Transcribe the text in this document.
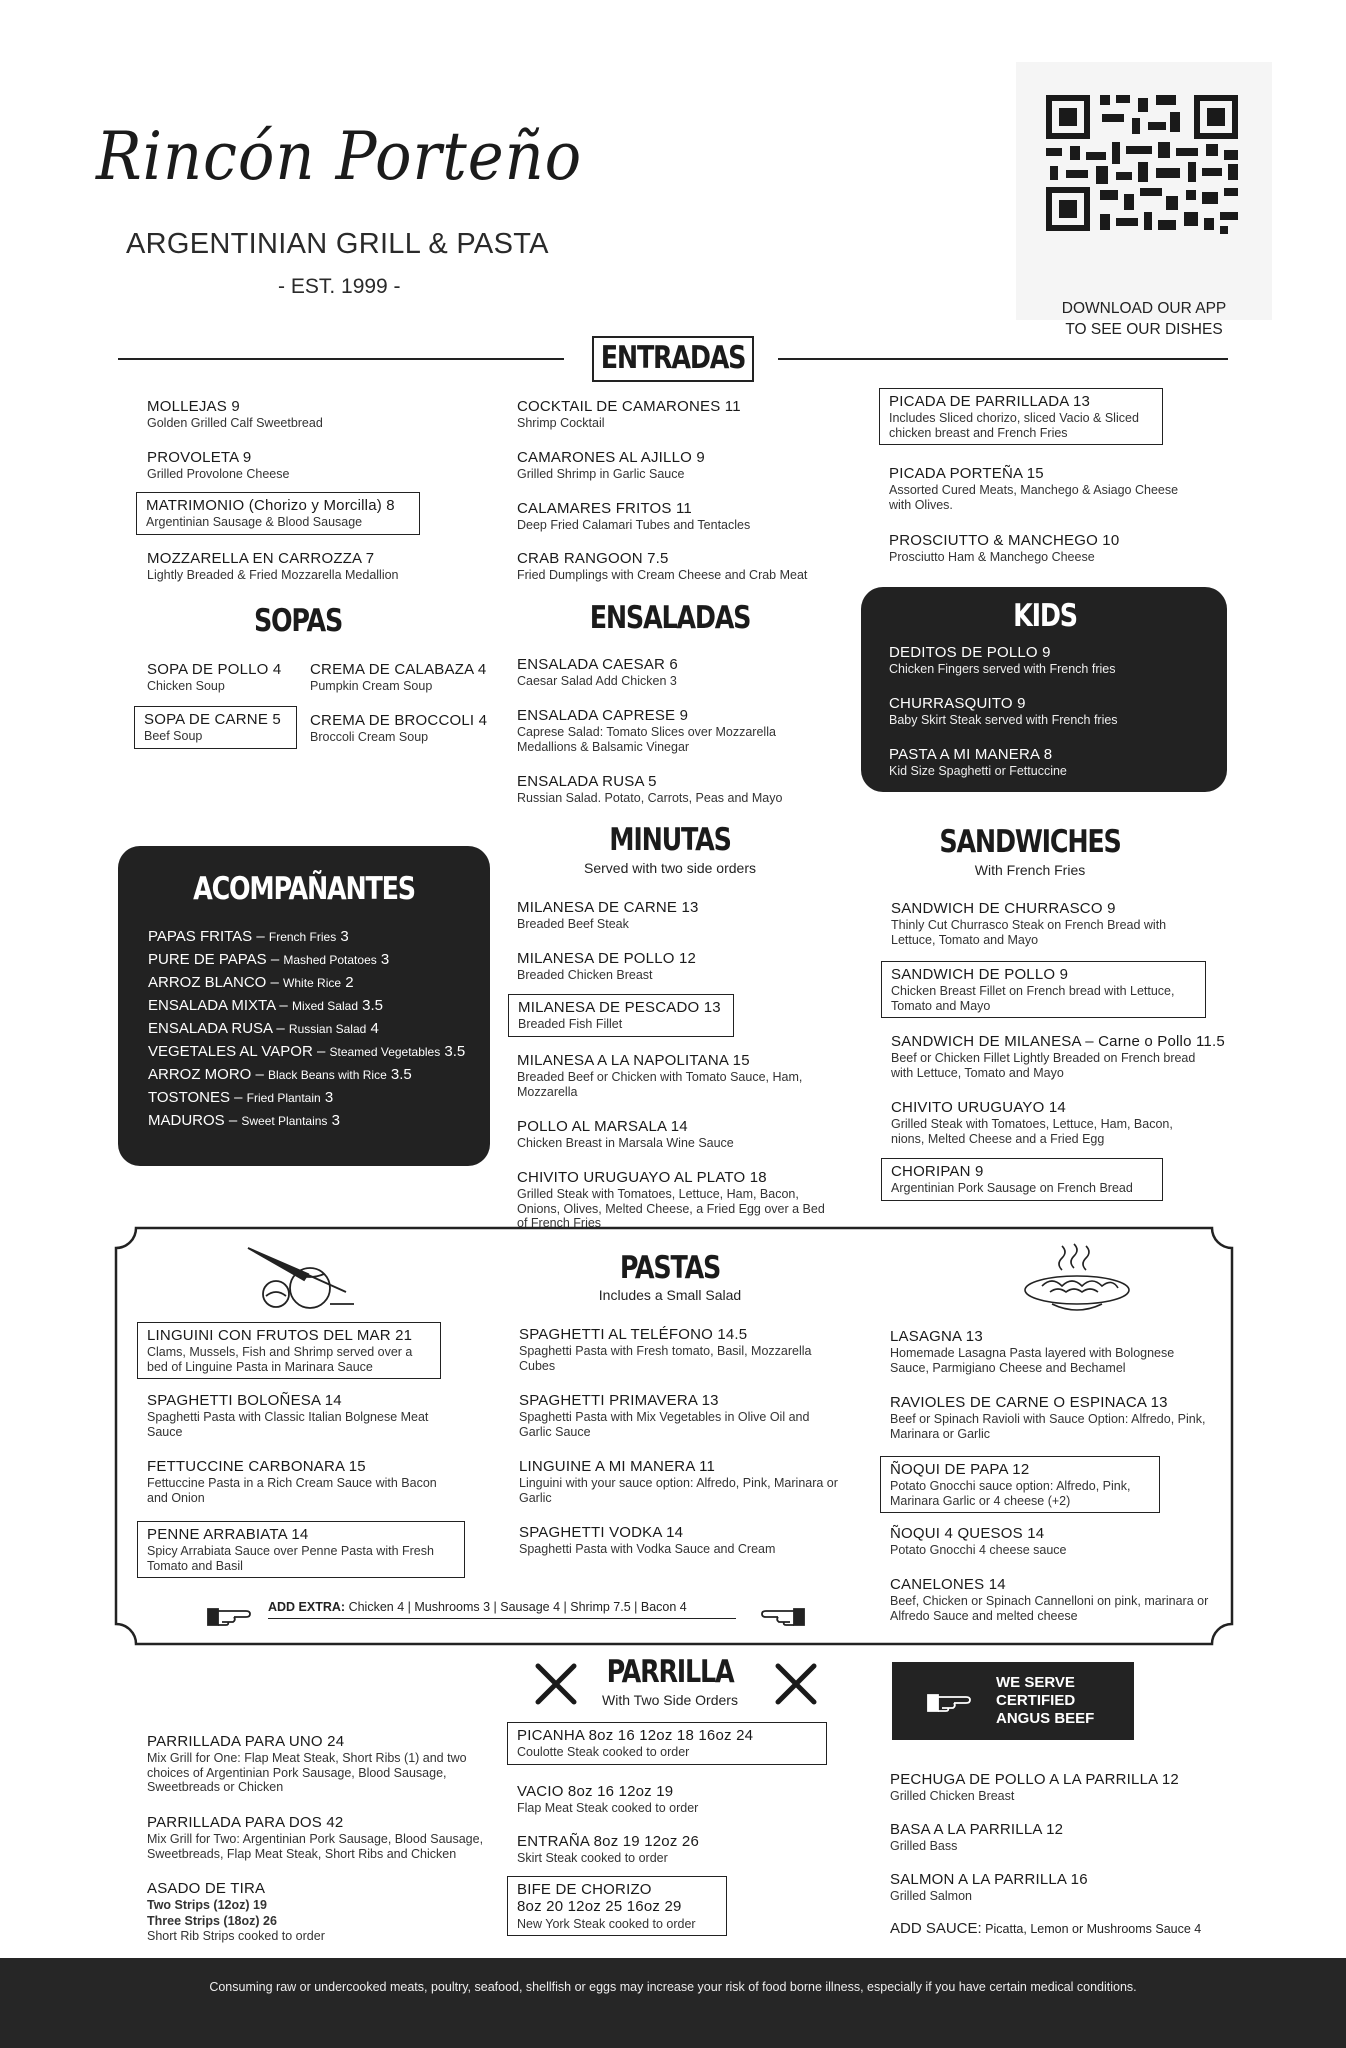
Rincón Porteño
ARGENTINIAN GRILL & PASTA
- EST. 1999 -
DOWNLOAD OUR APP
TO SEE OUR DISHES
ENTRADAS
MOLLEJAS 9
Golden Grilled Calf Sweetbread
PROVOLETA 9
Grilled Provolone Cheese
MATRIMONIO (Chorizo y Morcilla) 8
Argentinian Sausage & Blood Sausage
MOZZARELLA EN CARROZZA 7
Lightly Breaded & Fried Mozzarella Medallion
COCKTAIL DE CAMARONES 11
Shrimp Cocktail
CAMARONES AL AJILLO 9
Grilled Shrimp in Garlic Sauce
CALAMARES FRITOS 11
Deep Fried Calamari Tubes and Tentacles
CRAB RANGOON 7.5
Fried Dumplings with Cream Cheese and Crab Meat
PICADA DE PARRILLADA 13
Includes Sliced chorizo, sliced Vacio & Sliced chicken breast and French Fries
PICADA PORTEÑA 15
Assorted Cured Meats, Manchego & Asiago Cheese with Olives.
PROSCIUTTO & MANCHEGO 10
Prosciutto Ham & Manchego Cheese
SOPAS
SOPA DE POLLO 4
Chicken Soup
CREMA DE CALABAZA 4
Pumpkin Cream Soup
SOPA DE CARNE 5
Beef Soup
CREMA DE BROCCOLI 4
Broccoli Cream Soup
ENSALADAS
ENSALADA CAESAR 6
Caesar Salad Add Chicken 3
ENSALADA CAPRESE 9
Caprese Salad: Tomato Slices over Mozzarella Medallions & Balsamic Vinegar
ENSALADA RUSA 5
Russian Salad. Potato, Carrots, Peas and Mayo
KIDS
DEDITOS DE POLLO 9
Chicken Fingers served with French fries
CHURRASQUITO 9
Baby Skirt Steak served with French fries
PASTA A MI MANERA 8
Kid Size Spaghetti or Fettuccine
ACOMPAÑANTES
PAPAS FRITAS – French Fries 3
PURE DE PAPAS – Mashed Potatoes 3
ARROZ BLANCO – White Rice 2
ENSALADA MIXTA – Mixed Salad 3.5
ENSALADA RUSA – Russian Salad 4
VEGETALES AL VAPOR – Steamed Vegetables 3.5
ARROZ MORO – Black Beans with Rice 3.5
TOSTONES – Fried Plantain 3
MADUROS – Sweet Plantains 3
MINUTAS
Served with two side orders
MILANESA DE CARNE 13
Breaded Beef Steak
MILANESA DE POLLO 12
Breaded Chicken Breast
MILANESA DE PESCADO 13
Breaded Fish Fillet
MILANESA A LA NAPOLITANA 15
Breaded Beef or Chicken with Tomato Sauce, Ham, Mozzarella
POLLO AL MARSALA 14
Chicken Breast in Marsala Wine Sauce
CHIVITO URUGUAYO AL PLATO 18
Grilled Steak with Tomatoes, Lettuce, Ham, Bacon, Onions, Olives, Melted Cheese, a Fried Egg over a Bed of French Fries
SANDWICHES
With French Fries
SANDWICH DE CHURRASCO 9
Thinly Cut Churrasco Steak on French Bread with Lettuce, Tomato and Mayo
SANDWICH DE POLLO 9
Chicken Breast Fillet on French bread with Lettuce, Tomato and Mayo
SANDWICH DE MILANESA – Carne o Pollo 11.5
Beef or Chicken Fillet Lightly Breaded on French bread with Lettuce, Tomato and Mayo
CHIVITO URUGUAYO 14
Grilled Steak with Tomatoes, Lettuce, Ham, Bacon, nions, Melted Cheese and a Fried Egg
CHORIPAN 9
Argentinian Pork Sausage on French Bread
PASTAS
Includes a Small Salad
LINGUINI CON FRUTOS DEL MAR 21
Clams, Mussels, Fish and Shrimp served over a bed of Linguine Pasta in Marinara Sauce
SPAGHETTI BOLOÑESA 14
Spaghetti Pasta with Classic Italian Bolgnese Meat Sauce
FETTUCCINE CARBONARA 15
Fettuccine Pasta in a Rich Cream Sauce with Bacon and Onion
PENNE ARRABIATA 14
Spicy Arrabiata Sauce over Penne Pasta with Fresh Tomato and Basil
SPAGHETTI AL TELÉFONO 14.5
Spaghetti Pasta with Fresh tomato, Basil, Mozzarella Cubes
SPAGHETTI PRIMAVERA 13
Spaghetti Pasta with Mix Vegetables in Olive Oil and Garlic Sauce
LINGUINE A MI MANERA 11
Linguini with your sauce option: Alfredo, Pink, Marinara or Garlic
SPAGHETTI VODKA 14
Spaghetti Pasta with Vodka Sauce and Cream
LASAGNA 13
Homemade Lasagna Pasta layered with Bolognese Sauce, Parmigiano Cheese and Bechamel
RAVIOLES DE CARNE O ESPINACA 13
Beef or Spinach Ravioli with Sauce Option: Alfredo, Pink, Marinara or Garlic
ÑOQUI DE PAPA 12
Potato Gnocchi sauce option: Alfredo, Pink, Marinara Garlic or 4 cheese (+2)
ÑOQUI 4 QUESOS 14
Potato Gnocchi 4 cheese sauce
CANELONES 14
Beef, Chicken or Spinach Cannelloni on pink, marinara or Alfredo Sauce and melted cheese
ADD EXTRA: Chicken 4 | Mushrooms 3 | Sausage 4 | Shrimp 7.5 | Bacon 4
PARRILLA
With Two Side Orders
WE SERVE
CERTIFIED
ANGUS BEEF
PARRILLADA PARA UNO 24
Mix Grill for One: Flap Meat Steak, Short Ribs (1) and two choices of Argentinian Pork Sausage, Blood Sausage, Sweetbreads or Chicken
PARRILLADA PARA DOS 42
Mix Grill for Two: Argentinian Pork Sausage, Blood Sausage, Sweetbreads, Flap Meat Steak, Short Ribs and Chicken
ASADO DE TIRA
Two Strips (12oz) 19
Three Strips (18oz) 26
Short Rib Strips cooked to order
PICANHA 8oz 16 12oz 18 16oz 24
Coulotte Steak cooked to order
VACIO 8oz 16 12oz 19
Flap Meat Steak cooked to order
ENTRAÑA 8oz 19 12oz 26
Skirt Steak cooked to order
BIFE DE CHORIZO
8oz 20 12oz 25 16oz 29
New York Steak cooked to order
PECHUGA DE POLLO A LA PARRILLA 12
Grilled Chicken Breast
BASA A LA PARRILLA 12
Grilled Bass
SALMON A LA PARRILLA 16
Grilled Salmon
ADD SAUCE: Picatta, Lemon or Mushrooms Sauce 4
Consuming raw or undercooked meats, poultry, seafood, shellfish or eggs may increase your risk of food borne illness, especially if you have certain medical conditions.
